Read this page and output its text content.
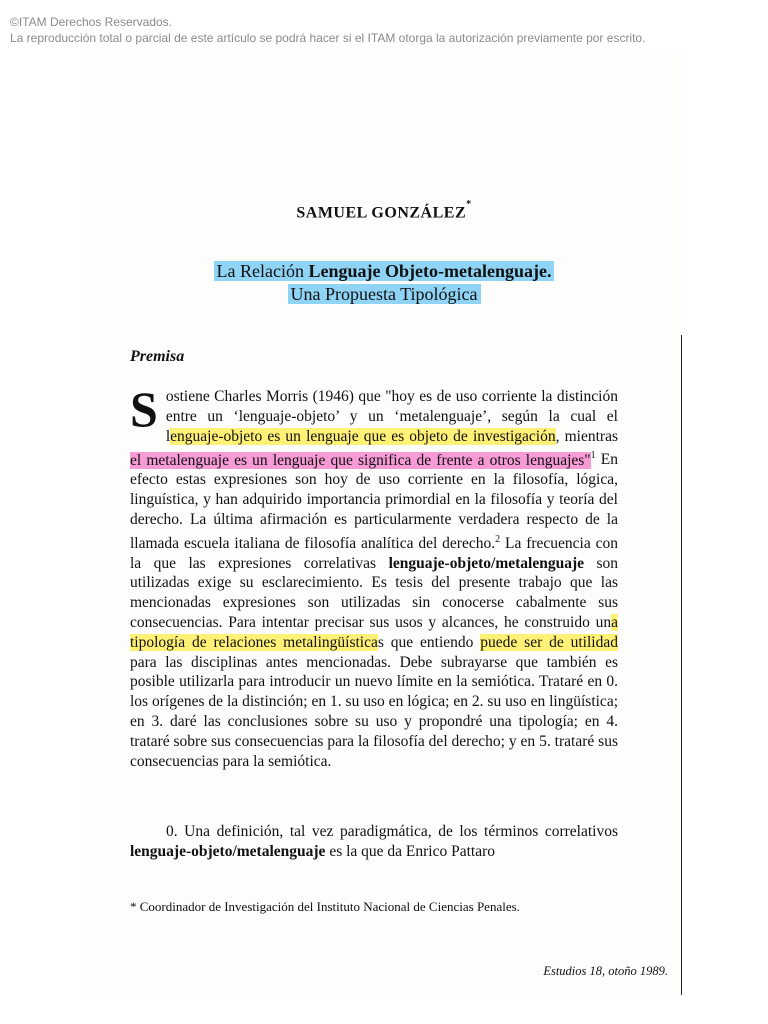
©ITAM Derechos Reservados.
La reproducción total o parcial de este artículo se podrá hacer si el ITAM otorga la autorización previamente por escrito.
SAMUEL GONZÁLEZ*
La Relación Lenguaje Objeto-metalenguaje.
Una Propuesta Tipológica
Premisa
Sostiene Charles Morris (1946) que "hoy es de uso corriente la distinción entre un ‘lenguaje-objeto’ y un ‘metalenguaje’, según la cual el lenguaje-objeto es un lenguaje que es objeto de investigación, mientras el metalenguaje es un lenguaje que significa de frente a otros lenguajes"$^1$ En efecto estas expresiones son hoy de uso corriente en la filosofía, lógica, linguística, y han adquirido importancia primordial en la filosofía y teoría del derecho. La última afirmación es particularmente verdadera respecto de la llamada escuela italiana de filosofía analítica del derecho.$^2$ La frecuencia con la que las expresiones correlativas lenguaje-objeto/metalenguaje son utilizadas exige su esclarecimiento. Es tesis del presente trabajo que las mencionadas expresiones son utilizadas sin conocerse cabalmente sus consecuencias. Para intentar precisar sus usos y alcances, he construido una tipología de relaciones metalingüísticas que entiendo puede ser de utilidad para las disciplinas antes mencionadas. Debe subrayarse que también es posible utilizarla para introducir un nuevo límite en la semiótica. Trataré en 0. los orígenes de la distinción; en 1. su uso en lógica; en 2. su uso en lingüística; en 3. daré las conclusiones sobre su uso y propondré una tipología; en 4. trataré sobre sus consecuencias para la filosofía del derecho; y en 5. trataré sus consecuencias para la semiótica.
0. Una definición, tal vez paradigmática, de los términos correlativos lenguaje-objeto/metalenguaje es la que da Enrico Pattaro
* Coordinador de Investigación del Instituto Nacional de Ciencias Penales.
Estudios 18, otoño 1989.
